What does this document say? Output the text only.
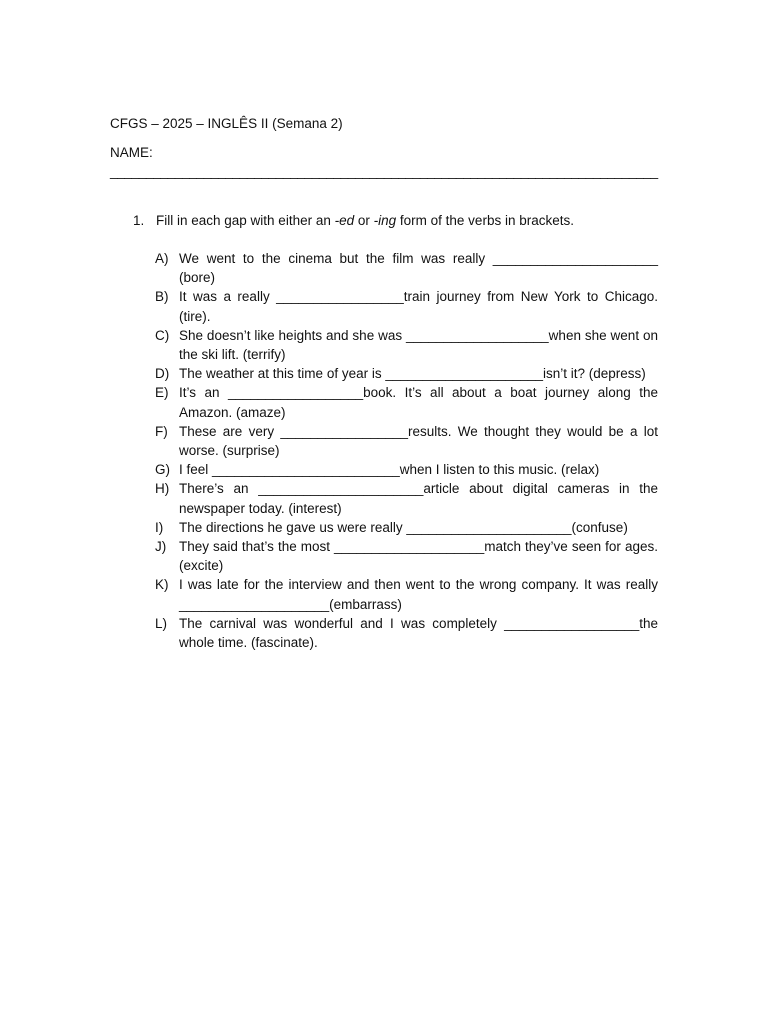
CFGS – 2025 – INGLÊS II (Semana 2)
NAME:
____________________________________________________________________________
1. Fill in each gap with either an -ed or -ing form of the verbs in brackets.
A) We went to the cinema but the film was really ______________________ (bore)
B) It was a really _________________train journey from New York to Chicago. (tire).
C) She doesn’t like heights and she was ___________________when she went on the ski lift. (terrify)
D) The weather at this time of year is _____________________isn’t it? (depress)
E) It’s an __________________book. It’s all about a boat journey along the Amazon. (amaze)
F) These are very _________________results. We thought they would be a lot worse. (surprise)
G) I feel _________________________when I listen to this music. (relax)
H) There’s an ______________________article about digital cameras in the newspaper today. (interest)
I)	The directions he gave us were really ______________________(confuse)
J) They said that’s the most ____________________match they’ve seen for ages. (excite)
K) I was late for the interview and then went to the wrong company. It was really ____________________(embarrass)
L) The carnival was wonderful and I was completely __________________the whole time. (fascinate).
